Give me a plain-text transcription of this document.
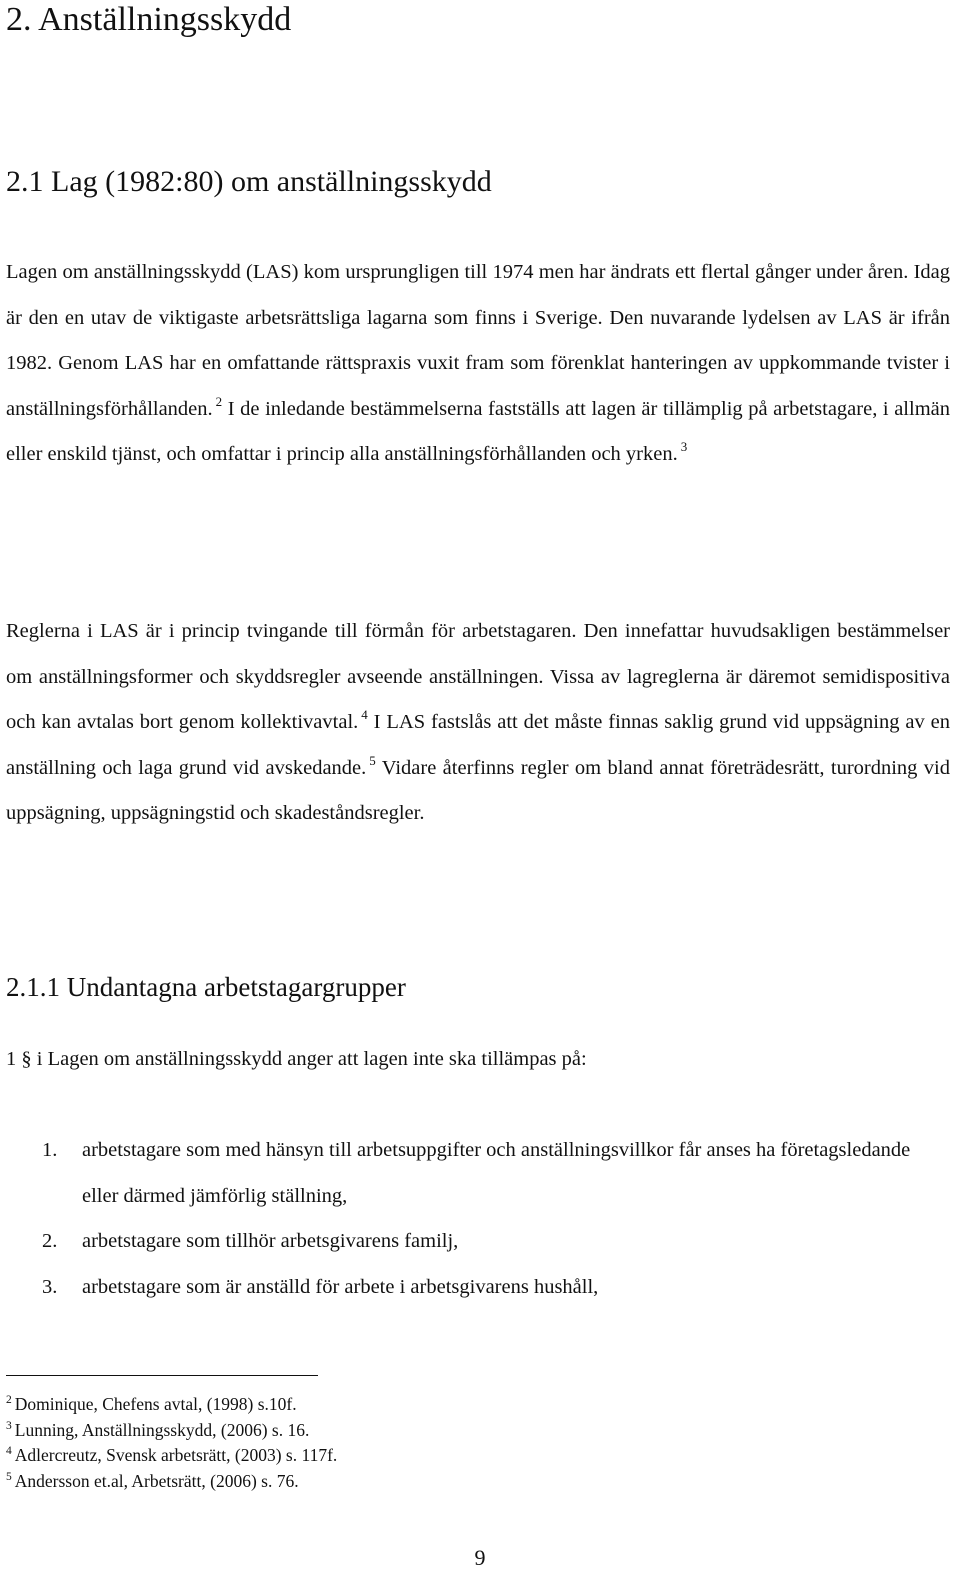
2. Anställningsskydd
2.1 Lag (1982:80) om anställningsskydd

Lagen om anställningsskydd (LAS) kom ursprungligen till 1974 men har ändrats ett flertal gånger under åren. Idag är den en utav de viktigaste arbetsrättsliga lagarna som finns i Sverige. Den nuvarande lydelsen av LAS är ifrån 1982. Genom LAS har en omfattande rättspraxis vuxit fram som förenklat hanteringen av uppkommande tvister i anställningsförhållanden. $^2$ I de inledande bestämmelserna fastställs att lagen är tillämplig på arbetstagare, i allmän eller enskild tjänst, och omfattar i princip alla anställningsförhållanden och yrken. $^3$

Reglerna i LAS är i princip tvingande till förmån för arbetstagaren. Den innefattar huvudsakligen bestämmelser om anställningsformer och skyddsregler avseende anställningen. Vissa av lagreglerna är däremot semidispositiva och kan avtalas bort genom kollektivavtal. $^4$ I LAS fastslås att det måste finnas saklig grund vid uppsägning av en anställning och laga grund vid avskedande. $^5$ Vidare återfinns regler om bland annat företrädesrätt, turordning vid uppsägning, uppsägningstid och skadeståndsregler.

2.1.1 Undantagna arbetstagargrupper

1 § i Lagen om anställningsskydd anger att lagen inte ska tillämpas på:

1. arbetstagare som med hänsyn till arbetsuppgifter och anställningsvillkor får anses ha företagsledande eller därmed jämförlig ställning,
2. arbetstagare som tillhör arbetsgivarens familj,
3. arbetstagare som är anställd för arbete i arbetsgivarens hushåll,
$^2$ Dominique, Chefens avtal, (1998) s.10f.
$^3$ Lunning, Anställningsskydd, (2006) s. 16.
$^4$ Adlercreutz, Svensk arbetsrätt, (2003) s. 117f.
$^5$ Andersson et.al, Arbetsrätt, (2006) s. 76.
9
